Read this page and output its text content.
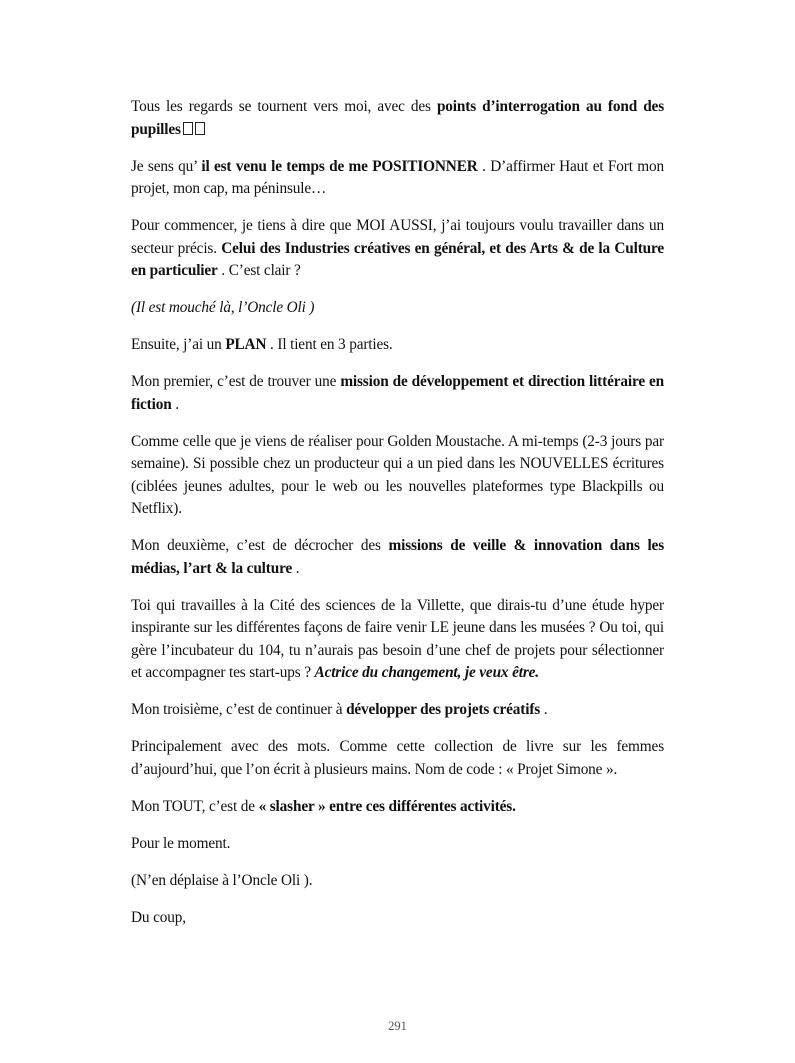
Tous les regards se tournent vers moi, avec des points d’interrogation au fond des pupilles

Je sens qu’ il est venu le temps de me POSITIONNER . D’affirmer Haut et Fort mon projet, mon cap, ma péninsule…

Pour commencer, je tiens à dire que MOI AUSSI, j’ai toujours voulu travailler dans un secteur précis. Celui des Industries créatives en général, et des Arts & de la Culture en particulier . C’est clair ?

(Il est mouché là, l’Oncle Oli )

Ensuite, j’ai un PLAN . Il tient en 3 parties.

Mon premier, c’est de trouver une mission de développement et direction littéraire en fiction .

Comme celle que je viens de réaliser pour Golden Moustache. A mi-temps (2-3 jours par semaine). Si possible chez un producteur qui a un pied dans les NOUVELLES écritures (ciblées jeunes adultes, pour le web ou les nouvelles plateformes type Blackpills ou Netflix).

Mon deuxième, c’est de décrocher des missions de veille & innovation dans les médias, l’art & la culture .

Toi qui travailles à la Cité des sciences de la Villette, que dirais-tu d’une étude hyper inspirante sur les différentes façons de faire venir LE jeune dans les musées ? Ou toi, qui gère l’incubateur du 104, tu n’aurais pas besoin d’une chef de projets pour sélectionner et accompagner tes start-ups ? Actrice du changement, je veux être.

Mon troisième, c’est de continuer à développer des projets créatifs .

Principalement avec des mots. Comme cette collection de livre sur les femmes d’aujourd’hui, que l’on écrit à plusieurs mains. Nom de code : « Projet Simone ».

Mon TOUT, c’est de « slasher » entre ces différentes activités.

Pour le moment.

(N’en déplaise à l’Oncle Oli ).

Du coup,

291
